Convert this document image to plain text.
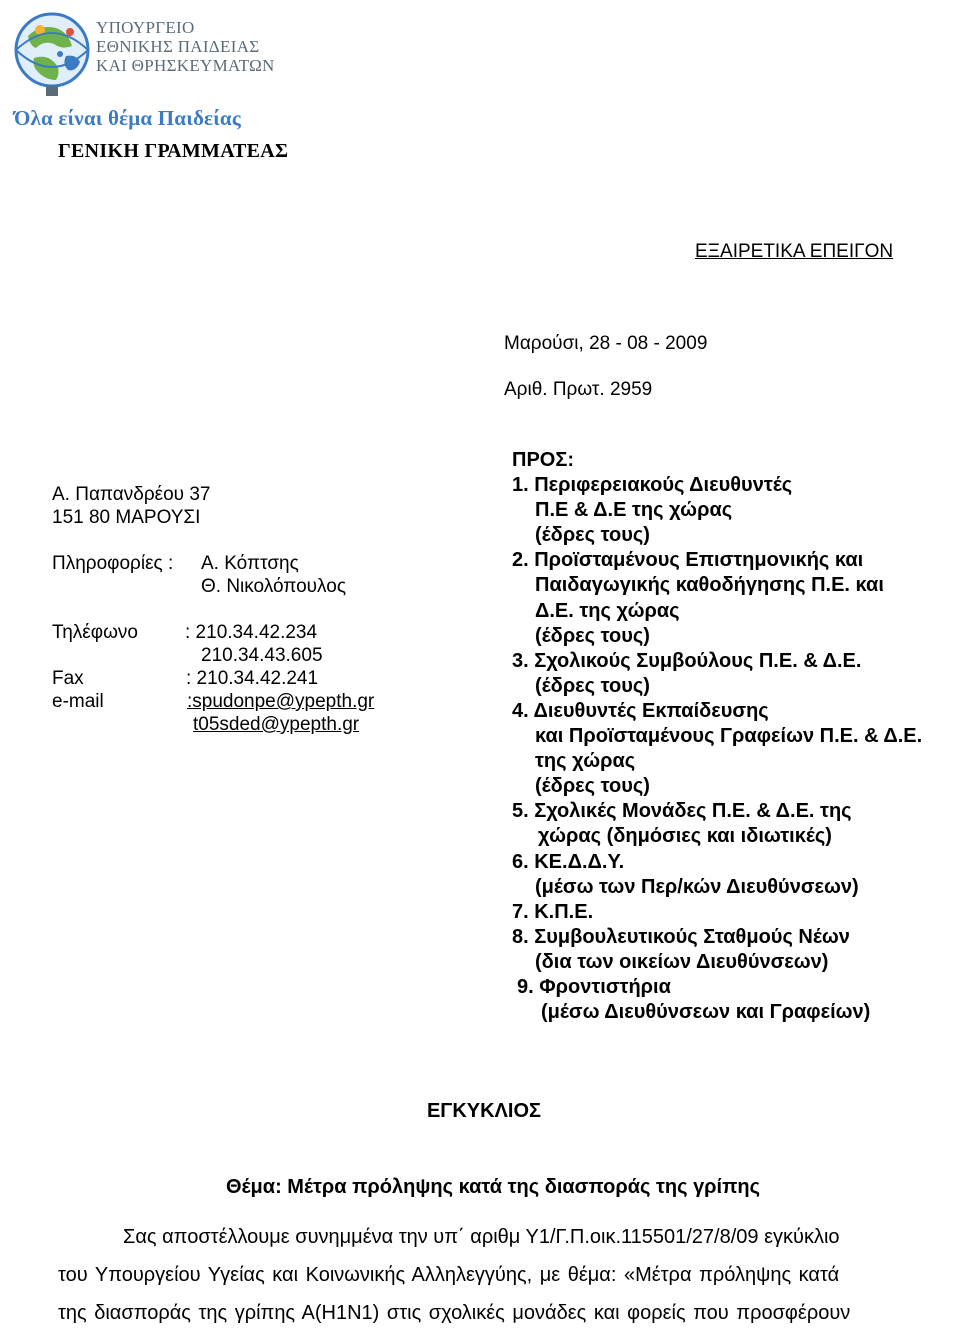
ΥΠΟΥΡΓΕΙΟ
ΕΘΝΙΚΗΣ ΠΑΙΔΕΙΑΣ
ΚΑΙ ΘΡΗΣΚΕΥΜΑΤΩΝ
Όλα είναι θέμα Παιδείας
ΓΕΝΙΚΗ ΓΡΑΜΜΑΤΕΑΣ
ΕΞΑΙΡΕΤΙΚΑ ΕΠΕΙΓΟΝ
Μαρούσι, 28 - 08 - 2009
Αριθ. Πρωτ. 2959
Α. Παπανδρέου 37
151 80 ΜΑΡΟΥΣΙ
Πληροφορίες : Α. Κόπτσης
Θ. Νικολόπουλος
Τηλέφωνο : 210.34.42.234
210.34.43.605
Fax	: 210.34.42.241
e-mail	:spudonpe@ypepth.gr
t05sded@ypepth.gr
ΠΡΟΣ:
1. Περιφερειακούς Διευθυντές
Π.Ε & Δ.Ε της χώρας
(έδρες τους)
2. Προϊσταμένους Επιστημονικής και
Παιδαγωγικής καθοδήγησης Π.Ε. και
Δ.Ε. της χώρας
(έδρες τους)
3. Σχολικούς Συμβούλους Π.Ε. & Δ.Ε.
(έδρες τους)
4. Διευθυντές Εκπαίδευσης
και Προϊσταμένους Γραφείων Π.Ε. & Δ.Ε.
της χώρας
(έδρες τους)
5. Σχολικές Μονάδες Π.Ε. & Δ.Ε. της
χώρας (δημόσιες και ιδιωτικές)
6. ΚΕ.Δ.Δ.Υ.
(μέσω των Περ/κών Διευθύνσεων)
7. Κ.Π.Ε.
8. Συμβουλευτικούς Σταθμούς Νέων
(δια των οικείων Διευθύνσεων)
9. Φροντιστήρια
(μέσω Διευθύνσεων και Γραφείων)
ΕΓΚΥΚΛΙΟΣ
Θέμα: Μέτρα πρόληψης κατά της διασποράς της γρίπης
Σας αποστέλλουμε συνημμένα την υπ΄ αριθμ Υ1/Γ.Π.οικ.115501/27/8/09 εγκύκλιο
του Υπουργείου Υγείας και Κοινωνικής Αλληλεγγύης, με θέμα: «Μέτρα πρόληψης κατά
της διασποράς της γρίπης Α(Η1Ν1) στις σχολικές μονάδες και φορείς που προσφέρουν
